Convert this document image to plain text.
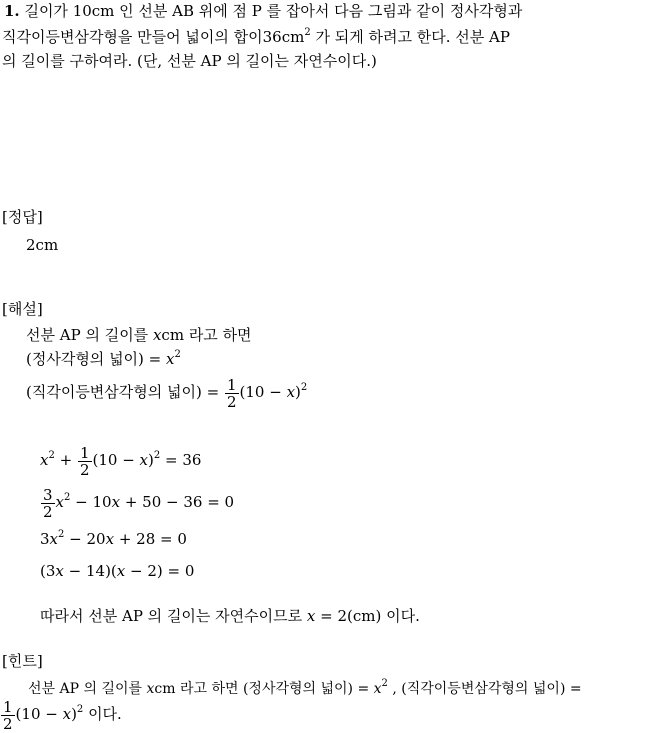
1. 길이가 10cm 인 선분 AB 위에 점 P 를 잡아서 다음 그림과 같이 정사각형과
직각이등변삼각형을 만들어 넓이의 합이$36cm^2$ 가 되게 하려고 한다. 선분 AP
의 길이를 구하여라. (단, 선분 AP 의 길이는 자연수이다.)
[정답]
2cm
[해설]
선분 AP 의 길이를 xcm 라고 하면
(정사각형의 넓이) = $x^2$
(직각이등변삼각형의 넓이) = $\frac{1}{2} (10 - x)^2$
$x^2 + \frac{1}{2} (10 - x)^2 = 36$
$\frac{3}{2} x^2 - 10x + 50 - 36 = 0$
$3x^2 - 20x + 28 = 0$
(3x − 14)(x − 2) = 0
따라서 선분 AP 의 길이는 자연수이므로 x = 2(cm) 이다.
[힌트]
선분 AP 의 길이를 xcm 라고 하면 (정사각형의 넓이) = $x^2$ , (직각이등변삼각형의 넓이) =
$\frac{1}{2} (10 - x)^2$ 이다.
